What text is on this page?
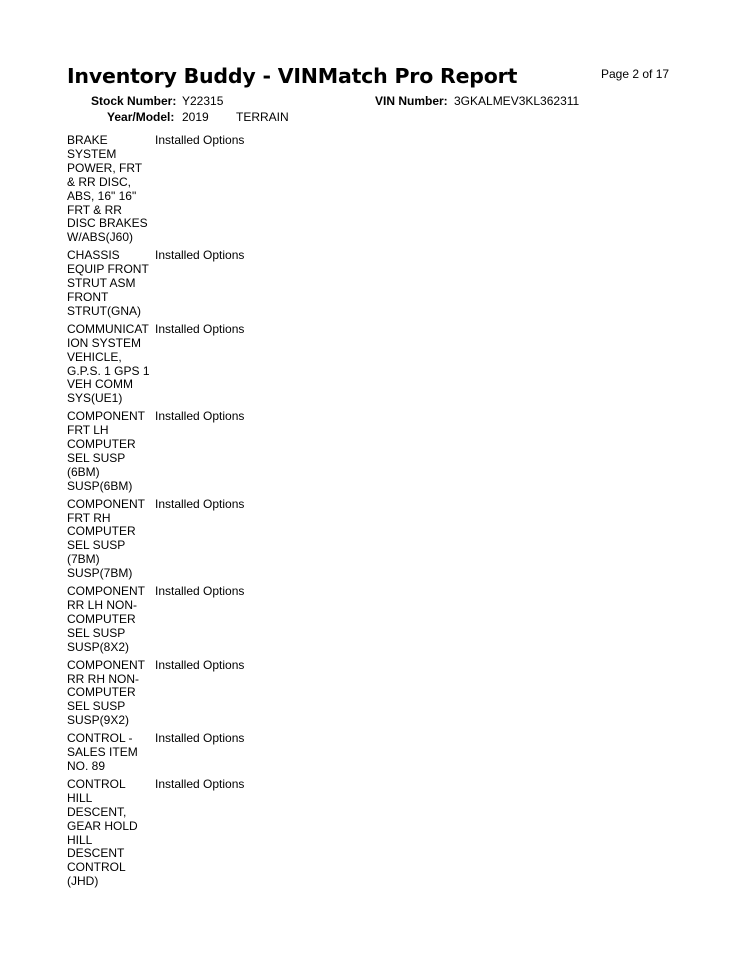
Inventory Buddy - VINMatch Pro Report	Page 2 of 17
Stock Number: Y22315	VIN Number: 3GKALMEV3KL362311
Year/Model: 2019 TERRAIN
BRAKE
SYSTEM
POWER, FRT
& RR DISC,
ABS, 16" 16"
FRT & RR
DISC BRAKES
W/ABS(J60)
Installed Options
CHASSIS
EQUIP FRONT
STRUT ASM
FRONT
STRUT(GNA)
Installed Options
COMMUNICAT
ION SYSTEM
VEHICLE,
G.P.S. 1 GPS 1
VEH COMM
SYS(UE1)
Installed Options
COMPONENT
FRT LH
COMPUTER
SEL SUSP
(6BM)
SUSP(6BM)
Installed Options
COMPONENT
FRT RH
COMPUTER
SEL SUSP
(7BM)
SUSP(7BM)
Installed Options
COMPONENT
RR LH NON-
COMPUTER
SEL SUSP
SUSP(8X2)
Installed Options
COMPONENT
RR RH NON-
COMPUTER
SEL SUSP
SUSP(9X2)
Installed Options
CONTROL -
SALES ITEM
NO. 89
Installed Options
CONTROL
HILL
DESCENT,
GEAR HOLD
HILL
DESCENT
CONTROL
(JHD)
Installed Options
